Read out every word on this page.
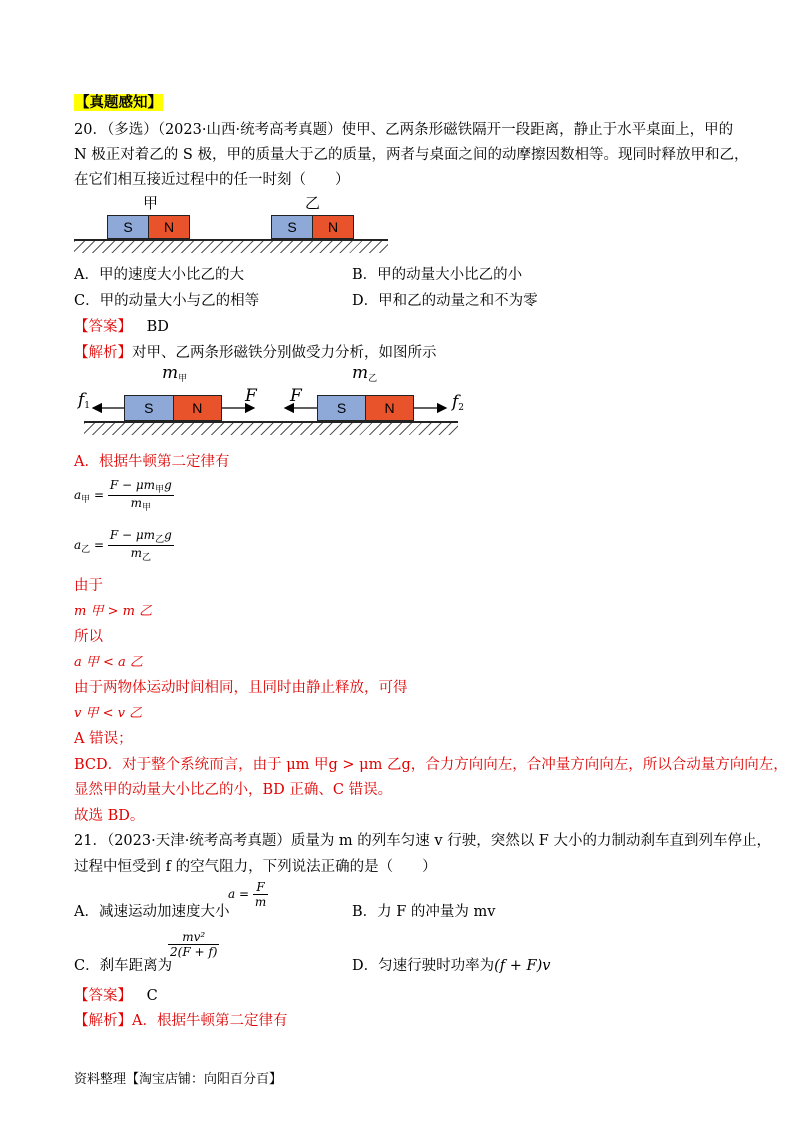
【真题感知】
20．（多选）（2023·山西·统考高考真题）使甲、乙两条形磁铁隔开一段距离，静止于水平桌面上，甲的
N 极正对着乙的 S 极，甲的质量大于乙的质量，两者与桌面之间的动摩擦因数相等。现同时释放甲和乙，
在它们相互接近过程中的任一时刻（　　）
甲	乙
S	N	S	N
A．甲的速度大小比乙的大	B．甲的动量大小比乙的小
C．甲的动量大小与乙的相等	D．甲和乙的动量之和不为零
【答案】 BD
【解析】对甲、乙两条形磁铁分别做受力分析，如图所示
$m_甲$	$m_乙$
$f_1$	F F	$f_2$
S	N	S	N
A．根据牛顿第二定律有
$a_甲 = \frac{F - \mu m_甲g}{m_甲}$
$a_乙 = \frac{F - \mu m_乙g}{m_乙}$
由于
m 甲 > m 乙
所以
a 甲 < a 乙
由于两物体运动时间相同，且同时由静止释放，可得
v 甲 < v 乙
A 错误；
BCD．对于整个系统而言，由于 μm 甲g > μm 乙g，合力方向向左，合冲量方向向左，所以合动量方向向左，
显然甲的动量大小比乙的小，BD 正确、C 错误。
故选 BD。
21．（2023·天津·统考高考真题）质量为 m 的列车匀速 v 行驶，突然以 F 大小的力制动刹车直到列车停止，
过程中恒受到 f 的空气阻力，下列说法正确的是（　　）
A．减速运动加速度大小
$a = \frac{F}{m}$
B．力 F 的冲量为 mv
C．刹车距离为
$\frac{\text{mv²}}{2(F + f)}$
D．匀速行驶时功率为(f + F)v
【答案】 C
【解析】A．根据牛顿第二定律有
资料整理【淘宝店铺：向阳百分百】
